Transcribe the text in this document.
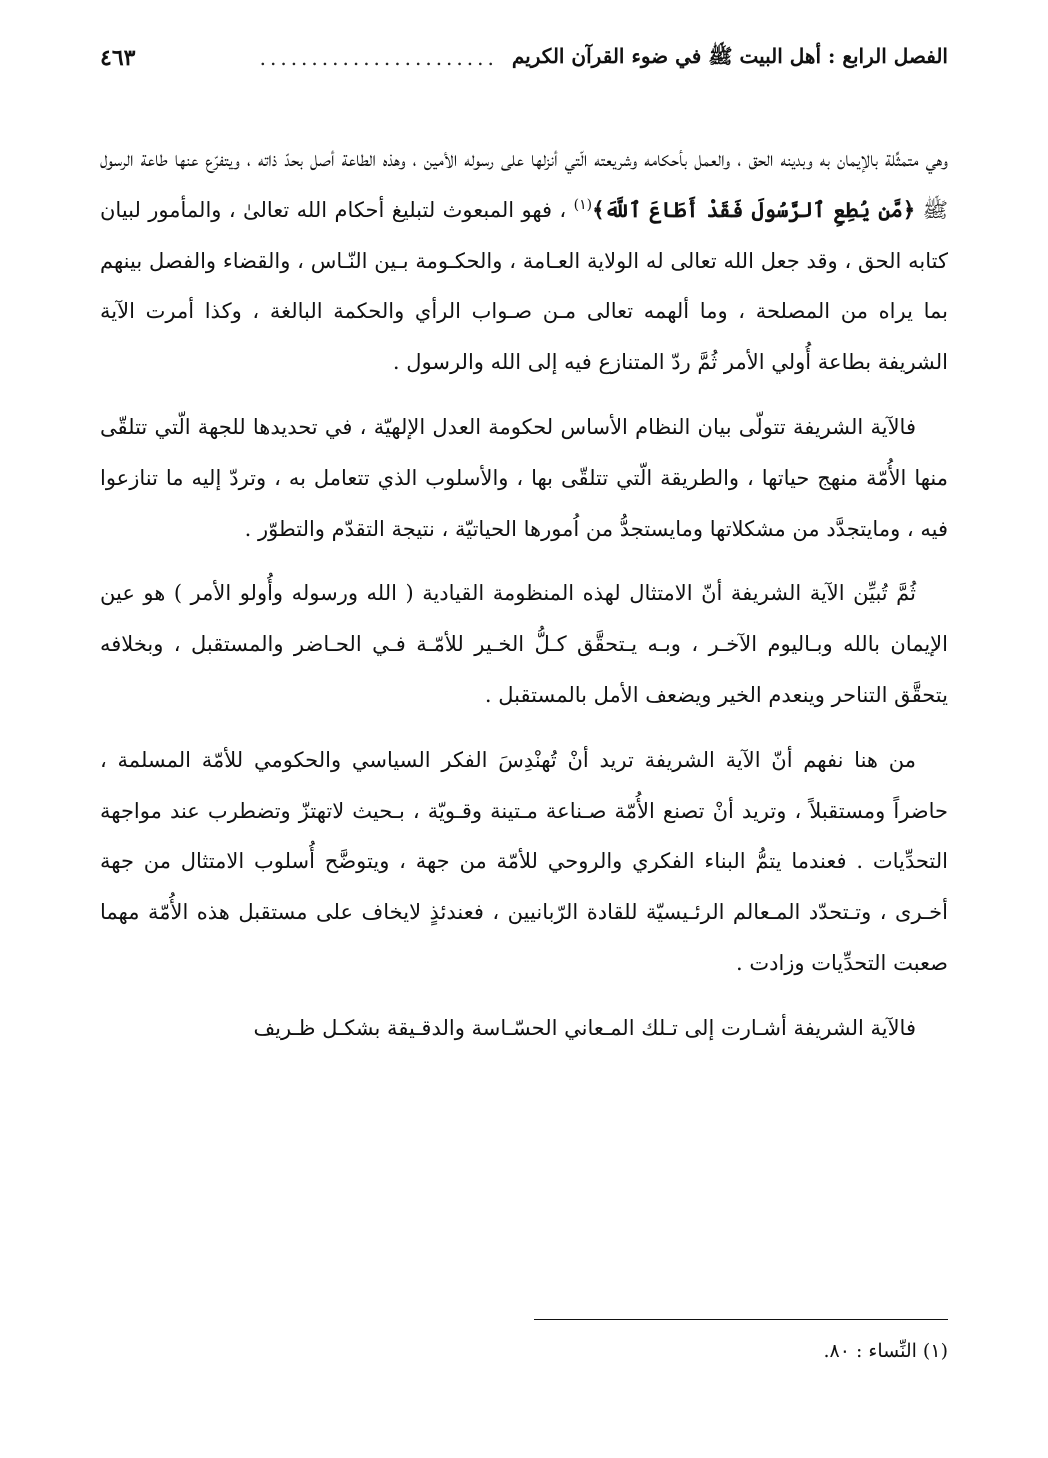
الفصل الرابع : أهل البيت ﷺ في ضوء القرآن الكريم
.......................
٤٦٣

وهي متمثِّلة بالإيمان به وبدينه الحق ، والعمل بأحكامه وشريعته الّتي أنزلها على رسوله الأمين ، وهذه الطاعة أصل بحدّ ذاته ، ويتفرّع عنها طاعة الرسول ﷺ ﴿مَّن يُطِعِ ٱلرَّسُولَ فَقَدْ أَطَاعَ ٱللَّهَ﴾$^{(١)}$ ، فهو المبعوث لتبليغ أحكام الله تعالىٰ ، والمأمور لبيان كتابه الحق ، وقد جعل الله تعالى له الولاية العـامة ، والحكـومة بـين النّـاس ، والقضاء والفصل بينهم بما يراه من المصلحة ، وما ألهمه تعالى مـن صـواب الرأي والحكمة البالغة ، وكذا أمرت الآية الشريفة بطاعة أُولي الأمر ثُمَّ ردّ المتنازع فيه إلى الله والرسول .

فالآية الشريفة تتولّى بيان النظام الأساس لحكومة العدل الإلهيّة ، في تحديدها للجهة الّتي تتلقّى منها الأُمّة منهج حياتها ، والطريقة الّتي تتلقّى بها ، والأسلوب الذي تتعامل به ، وتردّ إليه ما تنازعوا فيه ، ومايتجدَّد من مشكلاتها ومايستجدُّ من اُمورها الحياتيّة ، نتيجة التقدّم والتطوّر .

ثُمَّ تُبيِّن الآية الشريفة أنّ الامتثال لهذه المنظومة القيادية ( الله ورسوله وأُولو الأمر ) هو عين الإيمان بالله وبـاليوم الآخـر ، وبـه يـتحقَّق كـلُّ الخـير للأمّـة فـي الحـاضر والمستقبل ، وبخلافه يتحقَّق التناحر وينعدم الخير ويضعف الأمل بالمستقبل .

من هنا نفهم أنّ الآية الشريفة تريد أنْ تُهنْدِسَ الفكر السياسي والحكومي للأمّة المسلمة ، حاضراً ومستقبلاً ، وتريد أنْ تصنع الأُمّة صـناعة مـتينة وقـويّة ، بـحيث لاتهتزّ وتضطرب عند مواجهة التحدِّيات . فعندما يتمُّ البناء الفكري والروحي للأمّة من جهة ، ويتوضَّح أُسلوب الامتثال من جهة أخـرى ، وتـتحدّد المـعالم الرئـيسيّة للقادة الرّبانيين ، فعندئذٍ لايخاف على مستقبل هذه الأُمّة مهما صعبت التحدِّيات وزادت .

فالآية الشريفة أشـارت إلى تـلك المـعاني الحسّـاسة والدقـيقة بشكـل ظـريف

(١) النِّساء : ٨٠.
